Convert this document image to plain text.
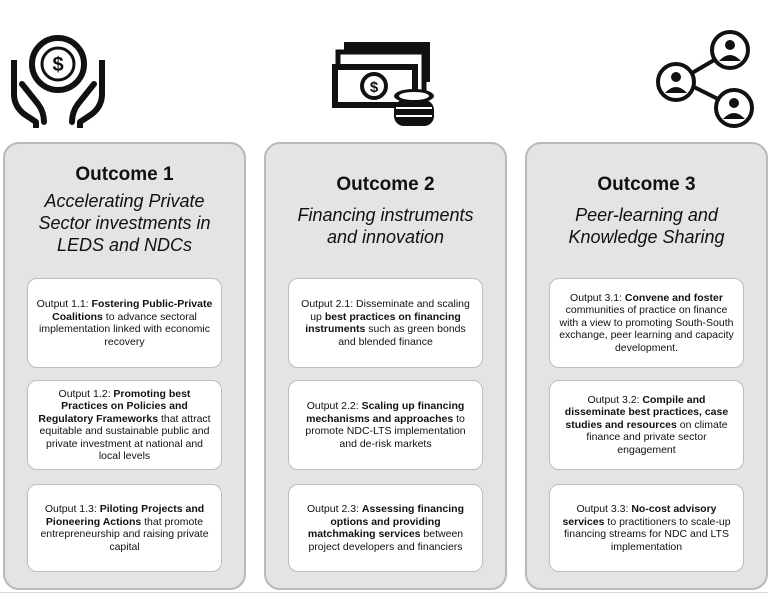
$
$
Outcome 1
Accelerating Private
Sector investments in
LEDS and NDCs
Output 1.1: Fostering Public-Private Coalitions to advance sectoral implementation linked with economic recovery
Output 1.2: Promoting best Practices on Policies and Regulatory Frameworks that attract equitable and sustainable public and private investment at national and local levels
Output 1.3: Piloting Projects and Pioneering Actions that promote entrepreneurship and raising private capital
Outcome 2
Financing instruments
and innovation
Output 2.1: Disseminate and scaling up best practices on financing instruments such as green bonds and blended finance
Output 2.2: Scaling up financing mechanisms and approaches to promote NDC-LTS implementation and de-risk markets
Output 2.3: Assessing financing options and providing matchmaking services between project developers and financiers
Outcome 3
Peer-learning and
Knowledge Sharing
Output 3.1: Convene and foster communities of practice on finance with a view to promoting South-South exchange, peer learning and capacity development.
Output 3.2: Compile and disseminate best practices, case studies and resources on climate finance and private sector engagement
Output 3.3: No-cost advisory services to practitioners to scale-up financing streams for NDC and LTS implementation
